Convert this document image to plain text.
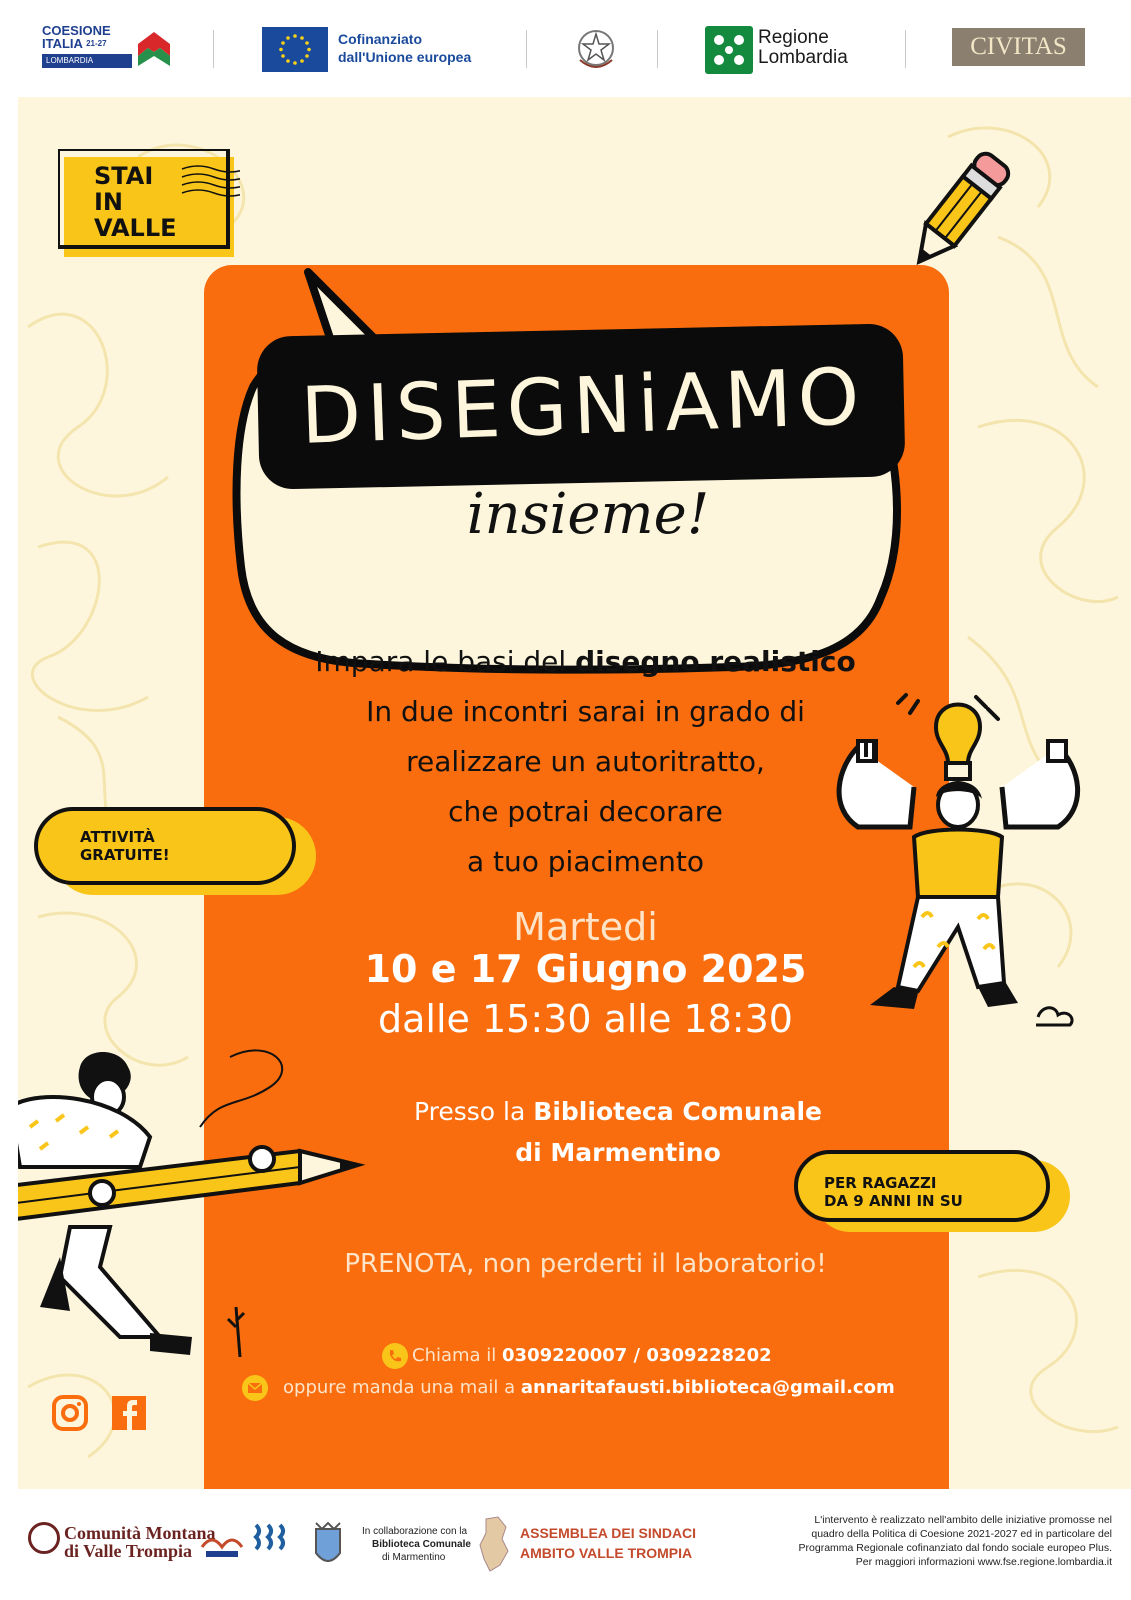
COESIONE
ITALIA $^{21-27}$
LOMBARDIA
Cofinanziato
dall'Unione europea
Regione
Lombardia	CIVITAS
STAI
IN
VALLE
DISEGNiAMO
insieme!
Impara le basi del disegno realistico
In due incontri sarai in grado di
realizzare un autoritratto,
che potrai decorare
a tuo piacimento
Martedi
10 e 17 Giugno 2025
dalle 15:30 alle 18:30
Presso la Biblioteca Comunale
di Marmentino
ATTIVITÀ
GRATUITE!
PER RAGAZZI
DA 9 ANNI IN SU
PRENOTA, non perderti il laboratorio!
Chiama il 0309220007 / 0309228202
oppure manda una mail a annaritafausti.biblioteca@gmail.com
Comunità Montana
di Valle Trompia
In collaborazione con la
Biblioteca Comunale
di Marmentino
ASSEMBLEA DEI SINDACI
AMBITO VALLE TROMPIA
L'intervento è realizzato nell'ambito delle iniziative promosse nel
quadro della Politica di Coesione 2021-2027 ed in particolare del
Programma Regionale cofinanziato dal fondo sociale europeo Plus.
Per maggiori informazioni www.fse.regione.lombardia.it
